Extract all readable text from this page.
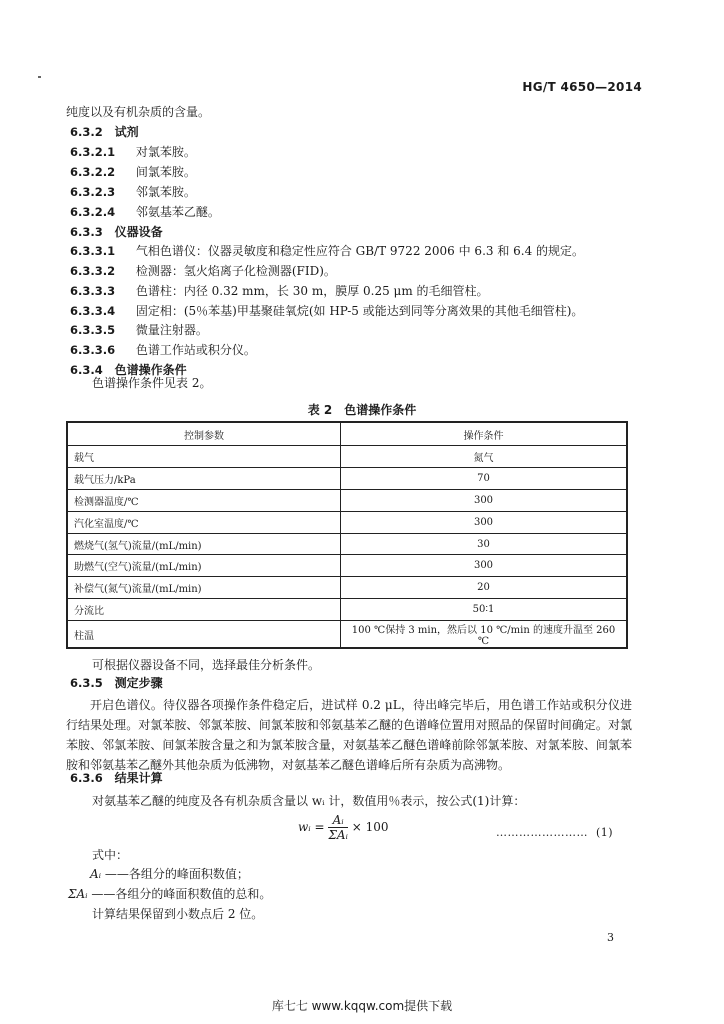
HG/T 4650—2014
纯度以及有机杂质的含量。
6.3.2 试剂
6.3.2.1 对氯苯胺。
6.3.2.2 间氯苯胺。
6.3.2.3 邻氯苯胺。
6.3.2.4 邻氨基苯乙醚。
6.3.3 仪器设备
6.3.3.1 气相色谱仪：仪器灵敏度和稳定性应符合 GB/T 9722 2006 中 6.3 和 6.4 的规定。
6.3.3.2 检测器：氢火焰离子化检测器(FID)。
6.3.3.3 色谱柱：内径 0.32 mm，长 30 m，膜厚 0.25 μm 的毛细管柱。
6.3.3.4 固定相：(5％苯基)甲基聚硅氧烷(如 HP-5 或能达到同等分离效果的其他毛细管柱)。
6.3.3.5 微量注射器。
6.3.3.6 色谱工作站或积分仪。
6.3.4 色谱操作条件
色谱操作条件见表 2。
表 2　色谱操作条件
控制参数	操作条件
载气	氮气
载气压力/kPa	70
检测器温度/℃	300
汽化室温度/℃	300
燃烧气(氢气)流量/(mL/min)	30
助燃气(空气)流量/(mL/min)	300
补偿气(氮气)流量/(mL/min)	20
分流比	50∶1
柱温	100 ℃保持 3 min，然后以 10 ℃/min 的速度升温至 260 ℃
可根据仪器设备不同，选择最佳分析条件。
6.3.5 测定步骤
开启色谱仪。待仪器各项操作条件稳定后，进试样 0.2 μL，待出峰完毕后，用色谱工作站或积分仪进行结果处理。对氯苯胺、邻氯苯胺、间氯苯胺和邻氨基苯乙醚的色谱峰位置用对照品的保留时间确定。对氯苯胺、邻氯苯胺、间氯苯胺含量之和为氯苯胺含量，对氨基苯乙醚色谱峰前除邻氯苯胺、对氯苯胺、间氯苯胺和邻氨基苯乙醚外其他杂质为低沸物，对氨基苯乙醚色谱峰后所有杂质为高沸物。
6.3.6 结果计算
对氨基苯乙醚的纯度及各有机杂质含量以 wᵢ 计，数值用％表示，按公式(1)计算：
wᵢ = $\frac{\text{Aᵢ}}{\text{ΣAᵢ}} \times 100$	…………………… (1)
式中：
Aᵢ ——各组分的峰面积数值；
ΣAᵢ ——各组分的峰面积数值的总和。
计算结果保留到小数点后 2 位。
3
库七七 www.kqqw.com提供下载
